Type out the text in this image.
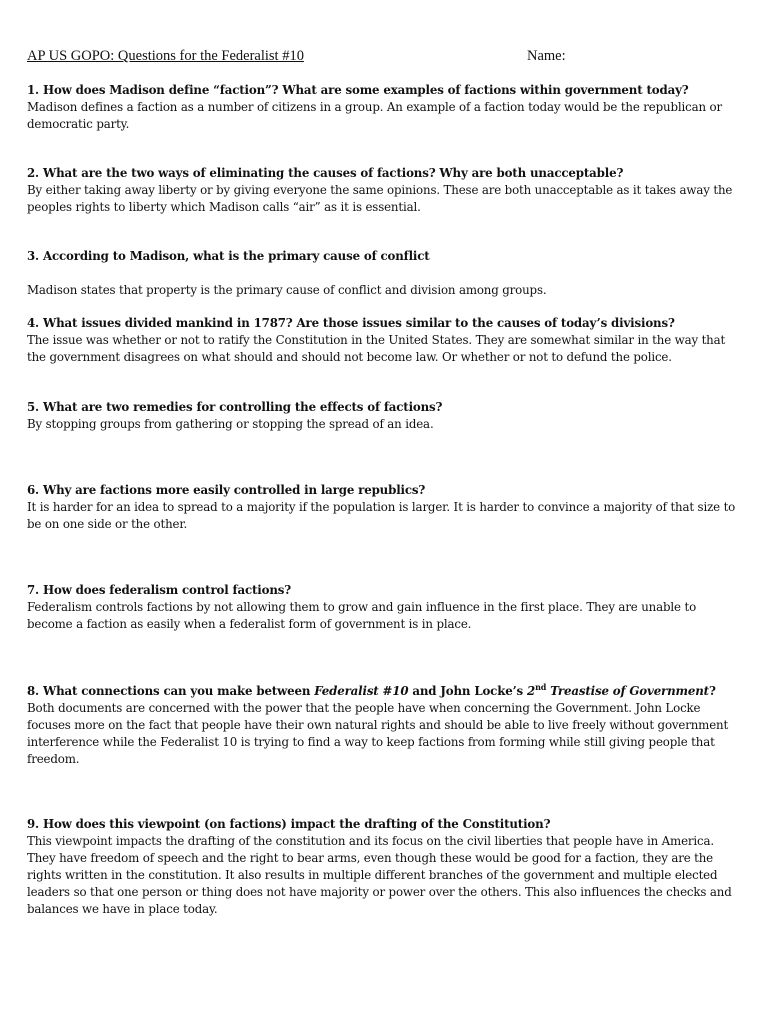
AP US GOPO: Questions for the Federalist #10	Name:
1. How does Madison define “faction”? What are some examples of factions within government today?

Madison defines a faction as a number of citizens in a group. An example of a faction today would be the republican or democratic party.

2. What are the two ways of eliminating the causes of factions? Why are both unacceptable?

By either taking away liberty or by giving everyone the same opinions. These are both unacceptable as it takes away the peoples rights to liberty which Madison calls “air” as it is essential.

3. According to Madison, what is the primary cause of conflict

Madison states that property is the primary cause of conflict and division among groups.

4. What issues divided mankind in 1787? Are those issues similar to the causes of today’s divisions?

The issue was whether or not to ratify the Constitution in the United States. They are somewhat similar in the way that the government disagrees on what should and should not become law. Or whether or not to defund the police.

5. What are two remedies for controlling the effects of factions?

By stopping groups from gathering or stopping the spread of an idea.

6. Why are factions more easily controlled in large republics?

It is harder for an idea to spread to a majority if the population is larger. It is harder to convince a majority of that size to be on one side or the other.

7. How does federalism control factions?

Federalism controls factions by not allowing them to grow and gain influence in the first place. They are unable to become a faction as easily when a federalist form of government is in place.

8. What connections can you make between Federalist #10 and John Locke’s 2nd Treastise of Government?

Both documents are concerned with the power that the people have when concerning the Government. John Locke focuses more on the fact that people have their own natural rights and should be able to live freely without government interference while the Federalist 10 is trying to find a way to keep factions from forming while still giving people that freedom.

9. How does this viewpoint (on factions) impact the drafting of the Constitution?

This viewpoint impacts the drafting of the constitution and its focus on the civil liberties that people have in America. They have freedom of speech and the right to bear arms, even though these would be good for a faction, they are the rights written in the constitution. It also results in multiple different branches of the government and multiple elected leaders so that one person or thing does not have majority or power over the others. This also influences the checks and balances we have in place today.
